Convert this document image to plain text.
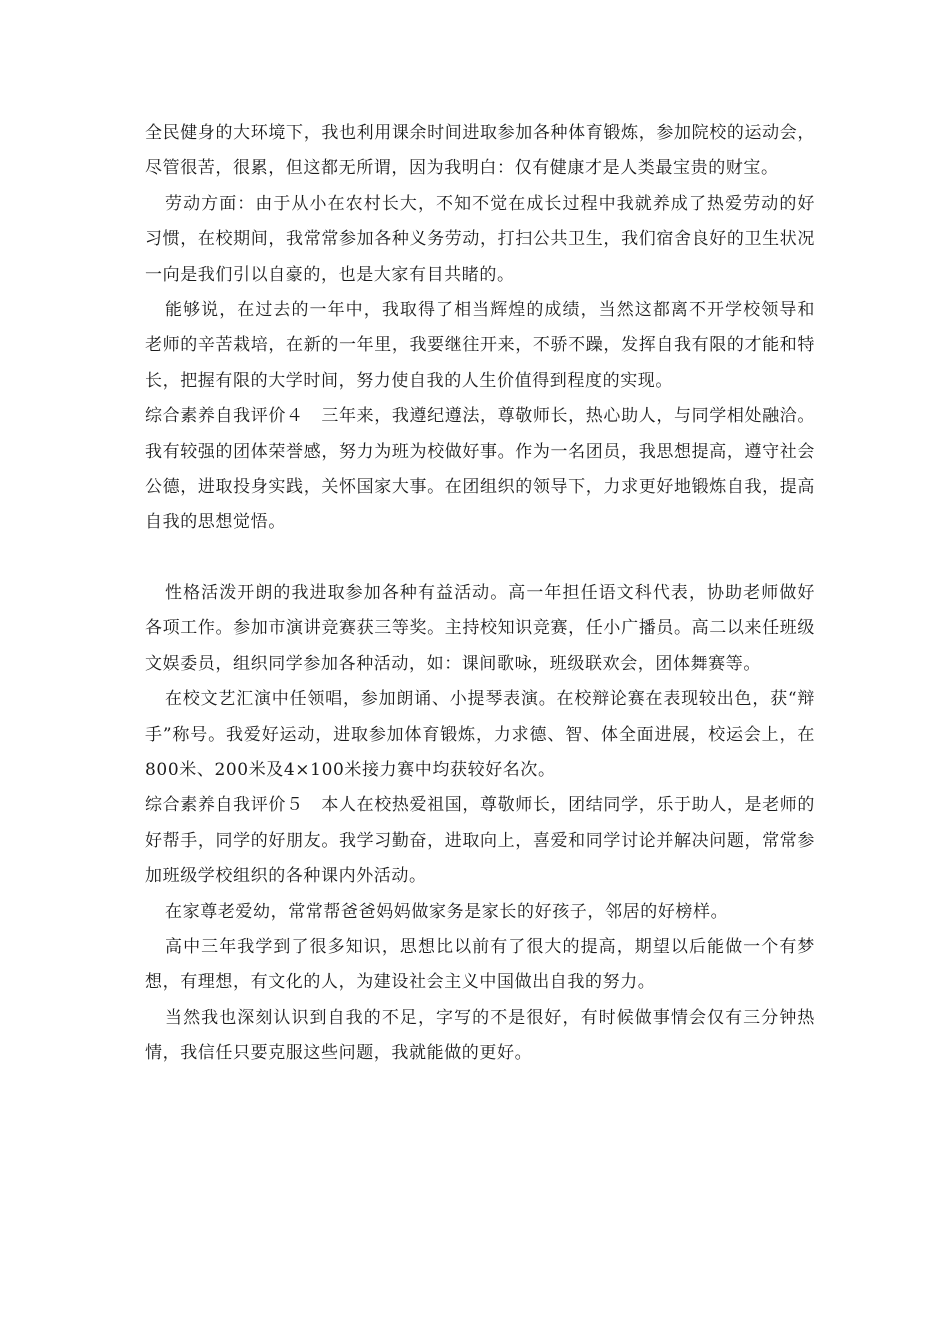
全民健身的大环境下，我也利用课余时间进取参加各种体育锻炼，参加院校的运动会，尽管很苦，很累，但这都无所谓，因为我明白：仅有健康才是人类最宝贵的财宝。

劳动方面：由于从小在农村长大，不知不觉在成长过程中我就养成了热爱劳动的好习惯，在校期间，我常常参加各种义务劳动，打扫公共卫生，我们宿舍良好的卫生状况一向是我们引以自豪的，也是大家有目共睹的。

能够说，在过去的一年中，我取得了相当辉煌的成绩，当然这都离不开学校领导和老师的辛苦栽培，在新的一年里，我要继往开来，不骄不躁，发挥自我有限的才能和特长，把握有限的大学时间，努力使自我的人生价值得到程度的实现。

综合素养自我评价４　三年来，我遵纪遵法，尊敬师长，热心助人，与同学相处融洽。我有较强的团体荣誉感，努力为班为校做好事。作为一名团员，我思想提高，遵守社会公德，进取投身实践，关怀国家大事。在团组织的领导下，力求更好地锻炼自我，提高自我的思想觉悟。

性格活泼开朗的我进取参加各种有益活动。高一年担任语文科代表，协助老师做好各项工作。参加市演讲竞赛获三等奖。主持校知识竞赛，任小广播员。高二以来任班级文娱委员，组织同学参加各种活动，如：课间歌咏，班级联欢会，团体舞赛等。

在校文艺汇演中任领唱，参加朗诵、小提琴表演。在校辩论赛在表现较出色，获“辩手”称号。我爱好运动，进取参加体育锻炼，力求德、智、体全面进展，校运会上，在800米、200米及4×100米接力赛中均获较好名次。

综合素养自我评价５　本人在校热爱祖国，尊敬师长，团结同学，乐于助人，是老师的好帮手，同学的好朋友。我学习勤奋，进取向上，喜爱和同学讨论并解决问题，常常参加班级学校组织的各种课内外活动。

在家尊老爱幼，常常帮爸爸妈妈做家务是家长的好孩子，邻居的好榜样。

高中三年我学到了很多知识，思想比以前有了很大的提高，期望以后能做一个有梦想，有理想，有文化的人，为建设社会主义中国做出自我的努力。

当然我也深刻认识到自我的不足，字写的不是很好，有时候做事情会仅有三分钟热情，我信任只要克服这些问题，我就能做的更好。
